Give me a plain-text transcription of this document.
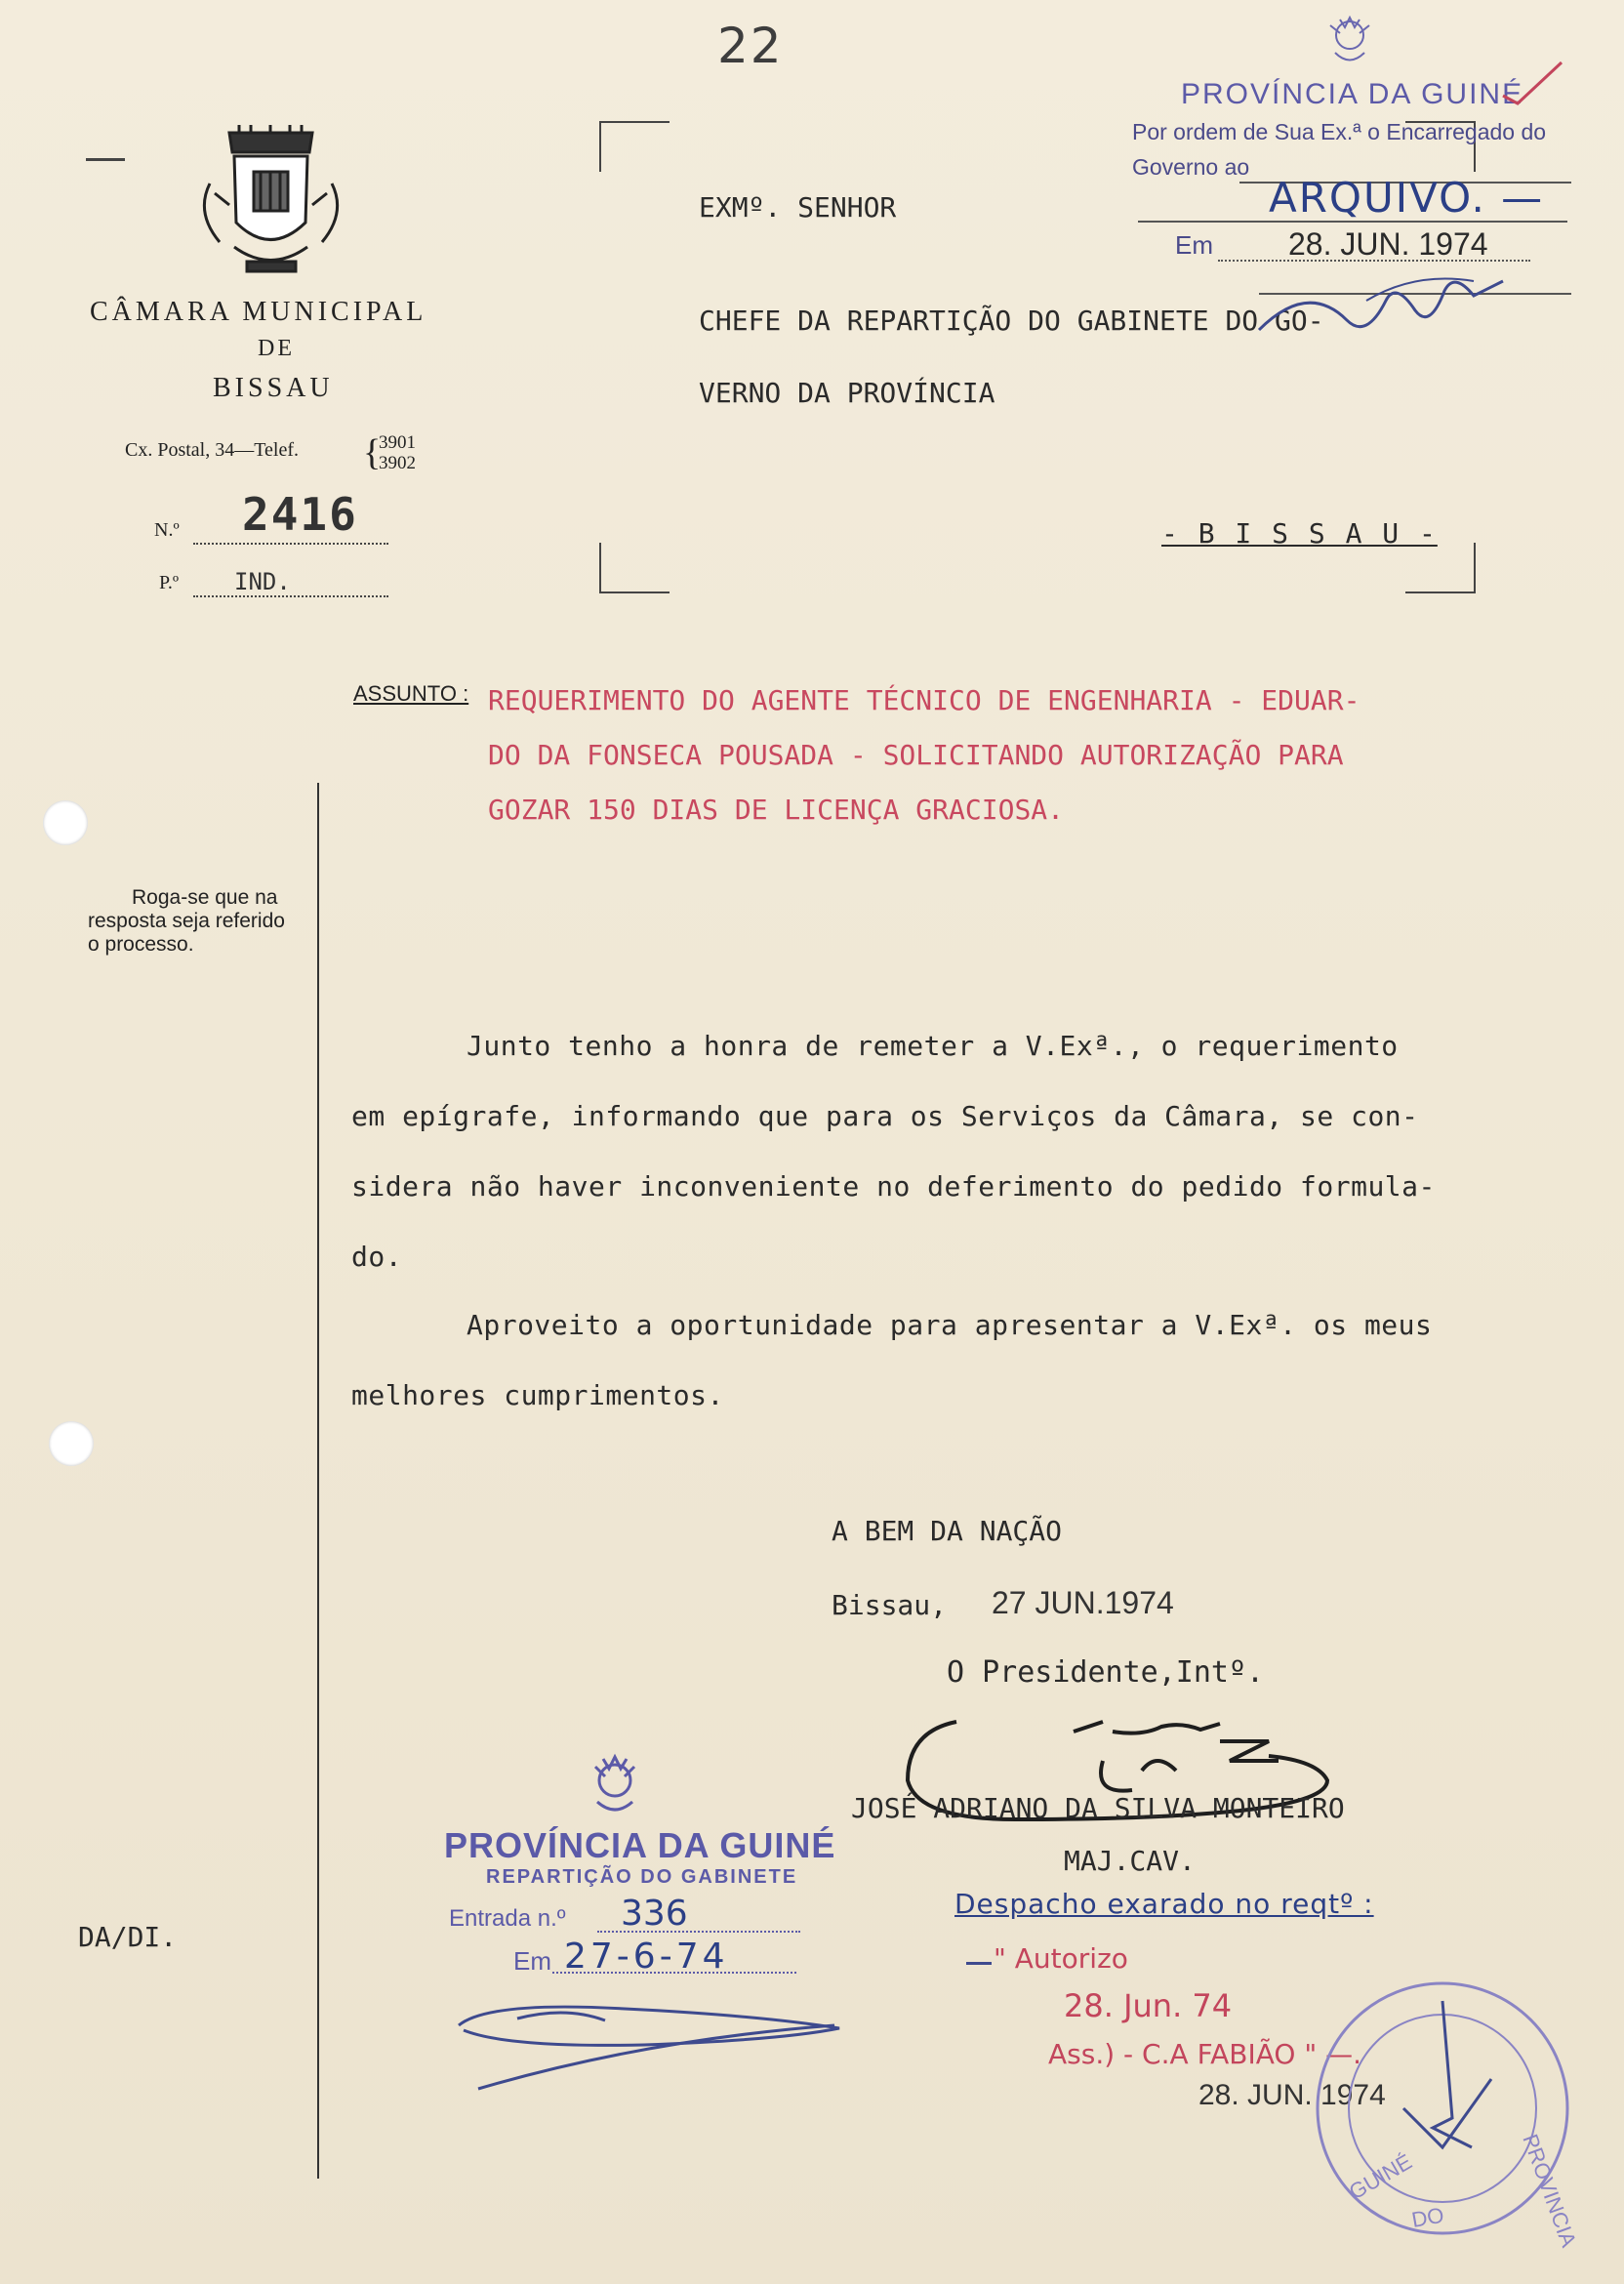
22
CÂMARA MUNICIPAL
DE
BISSAU
Cx. Postal, 34—Telef. {
3901
3902
N.º 2416
P.º IND.
EXMº. SENHOR
CHEFE DA REPARTIÇÃO DO GABINETE DO GO-
VERNO DA PROVÍNCIA
- B I S S A U -
PROVÍNCIA DA GUINÉ
Por ordem de Sua Ex.ª o Encarregado do
Governo ao
ARQUIVO. —
Em 28. JUN. 1974
ASSUNTO : REQUERIMENTO DO AGENTE TÉCNICO DE ENGENHARIA - EDUAR-
DO DA FONSECA POUSADA - SOLICITANDO AUTORIZAÇÃO PARA
GOZAR 150 DIAS DE LICENÇA GRACIOSA.
Roga-se que na
resposta seja referido
o processo.
Junto tenho a honra de remeter a V.Exª., o requerimento
em epígrafe, informando que para os Serviços da Câmara, se con-
sidera não haver inconveniente no deferimento do pedido formula-
do.
Aproveito a oportunidade para apresentar a V.Exª. os meus
melhores cumprimentos.
A BEM DA NAÇÃO
Bissau, 27 JUN.1974
O Presidente,Intº.
JOSÉ ADRIANO DA SILVA MONTEIRO
MAJ.CAV.
PROVÍNCIA DA GUINÉ
REPARTIÇÃO DO GABINETE
Entrada n.º 336
Em 27-6-74
Despacho exarado no reqtº :
" Autorizo
28. Jun. 74
Ass.) - C.A FABIÃO " —.
28. JUN. 1974
PROVINCIA
GUINÉ
DO
DA/DI.
